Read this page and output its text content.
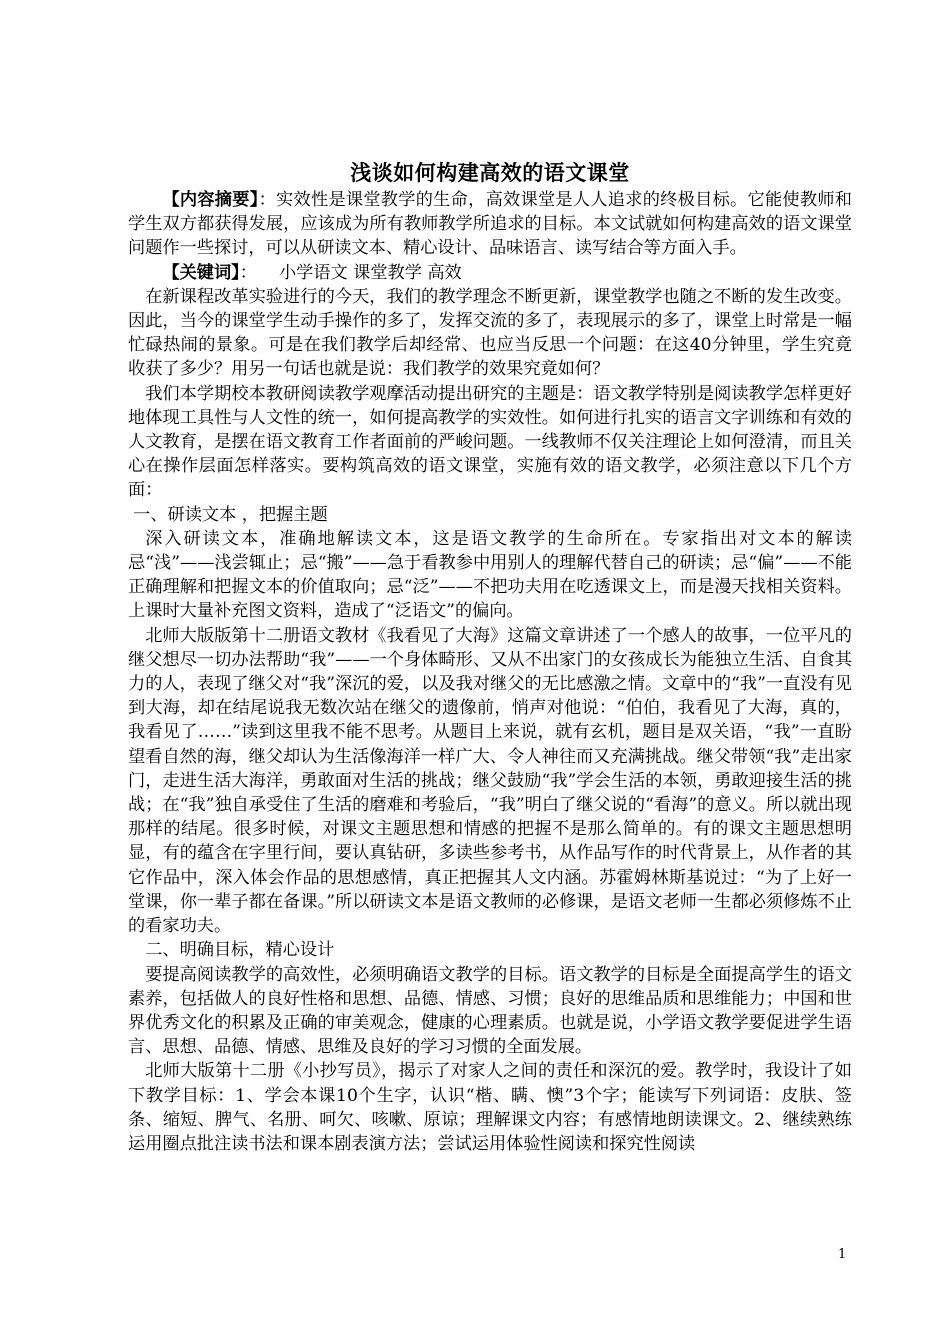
浅谈如何构建高效的语文课堂

【内容摘要】：实效性是课堂教学的生命，高效课堂是人人追求的终极目标。它能使教师和学生双方都获得发展，应该成为所有教师教学所追求的目标。本文试就如何构建高效的语文课堂问题作一些探讨，可以从研读文本、精心设计、品味语言、读写结合等方面入手。

【关键词】： 小学语文 课堂教学 高效

在新课程改革实验进行的今天，我们的教学理念不断更新，课堂教学也随之不断的发生改变。因此，当今的课堂学生动手操作的多了，发挥交流的多了，表现展示的多了，课堂上时常是一幅忙碌热闹的景象。可是在我们教学后却经常、也应当反思一个问题：在这40分钟里，学生究竟收获了多少？用另一句话也就是说：我们教学的效果究竟如何？

我们本学期校本教研阅读教学观摩活动提出研究的主题是：语文教学特别是阅读教学怎样更好地体现工具性与人文性的统一，如何提高教学的实效性。如何进行扎实的语言文字训练和有效的人文教育，是摆在语文教育工作者面前的严峻问题。一线教师不仅关注理论上如何澄清，而且关心在操作层面怎样落实。要构筑高效的语文课堂，实施有效的语文教学，必须注意以下几个方面：

一、研读文本 ，把握主题

深入研读文本，准确地解读文本，这是语文教学的生命所在。专家指出对文本的解读忌“浅”——浅尝辄止；忌“搬”——急于看教参中用别人的理解代替自己的研读；忌“偏”——不能正确理解和把握文本的价值取向；忌“泛”——不把功夫用在吃透课文上，而是漫天找相关资料。上课时大量补充图文资料，造成了“泛语文”的偏向。

北师大版版第十二册语文教材《我看见了大海》这篇文章讲述了一个感人的故事，一位平凡的继父想尽一切办法帮助“我”——一个身体畸形、又从不出家门的女孩成长为能独立生活、自食其力的人，表现了继父对“我”深沉的爱，以及我对继父的无比感激之情。文章中的“我”一直没有见到大海，却在结尾说我无数次站在继父的遗像前，悄声对他说：“伯伯，我看见了大海，真的，我看见了……”读到这里我不能不思考。从题目上来说，就有玄机，题目是双关语，“我”一直盼望看自然的海，继父却认为生活像海洋一样广大、令人神往而又充满挑战。继父带领“我”走出家门，走进生活大海洋，勇敢面对生活的挑战；继父鼓励“我”学会生活的本领，勇敢迎接生活的挑战；在“我”独自承受住了生活的磨难和考验后，“我”明白了继父说的“看海”的意义。所以就出现那样的结尾。很多时候，对课文主题思想和情感的把握不是那么简单的。有的课文主题思想明显，有的蕴含在字里行间，要认真钻研，多读些参考书，从作品写作的时代背景上，从作者的其它作品中，深入体会作品的思想感情，真正把握其人文内涵。苏霍姆林斯基说过：“为了上好一堂课，你一辈子都在备课。”所以研读文本是语文教师的必修课，是语文老师一生都必须修炼不止的看家功夫。

二、明确目标，精心设计

要提高阅读教学的高效性，必须明确语文教学的目标。语文教学的目标是全面提高学生的语文素养，包括做人的良好性格和思想、品德、情感、习惯；良好的思维品质和思维能力；中国和世界优秀文化的积累及正确的审美观念，健康的心理素质。也就是说，小学语文教学要促进学生语言、思想、品德、情感、思维及良好的学习习惯的全面发展。

北师大版第十二册《小抄写员》，揭示了对家人之间的责任和深沉的爱。教学时，我设计了如下教学目标：1、学会本课10个生字，认识“楷、瞒、懊”3个字；能读写下列词语：皮肤、签条、缩短、脾气、名册、呵欠、咳嗽、原谅；理解课文内容；有感情地朗读课文。2、继续熟练运用圈点批注读书法和课本剧表演方法；尝试运用体验性阅读和探究性阅读

1
